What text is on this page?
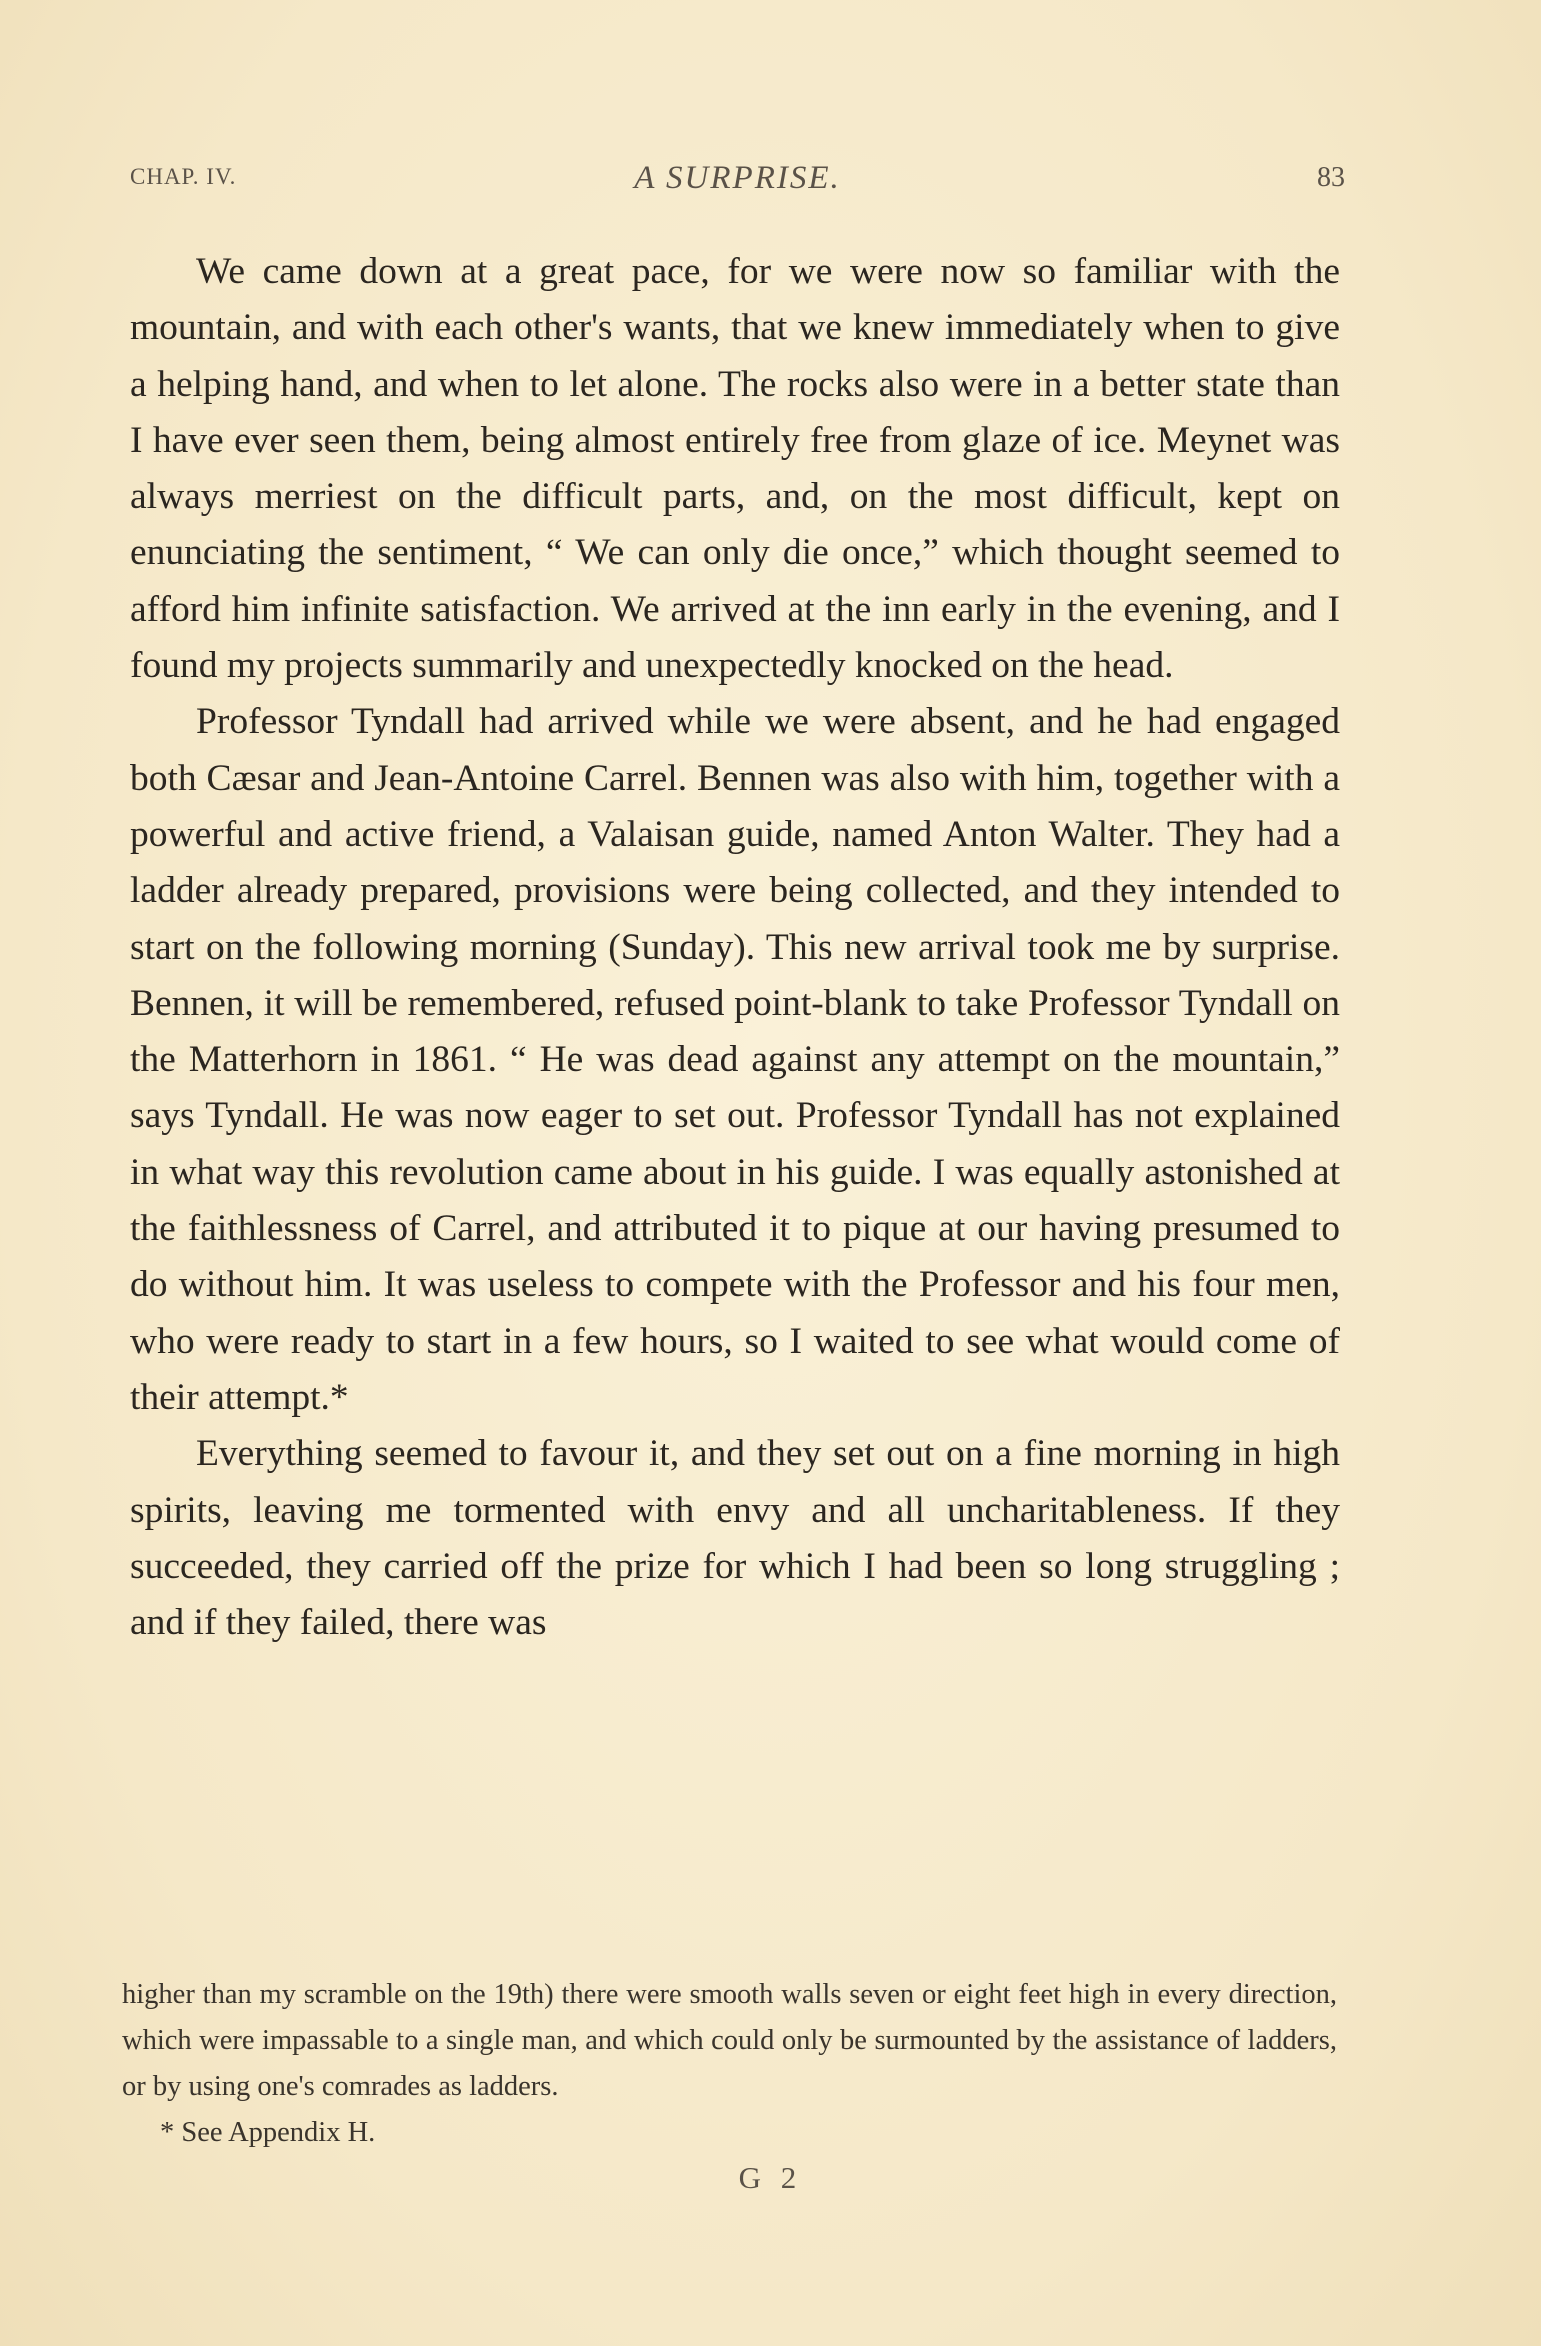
CHAP. IV.	A SURPRISE.	83

We came down at a great pace, for we were now so familiar with the mountain, and with each other's wants, that we knew immediately when to give a helping hand, and when to let alone. The rocks also were in a better state than I have ever seen them, being almost entirely free from glaze of ice. Meynet was always merriest on the difficult parts, and, on the most difficult, kept on enunciating the sentiment, “ We can only die once,” which thought seemed to afford him infinite satisfaction. We arrived at the inn early in the evening, and I found my projects summarily and unexpectedly knocked on the head.

Professor Tyndall had arrived while we were absent, and he had engaged both Cæsar and Jean-Antoine Carrel. Bennen was also with him, together with a powerful and active friend, a Valaisan guide, named Anton Walter. They had a ladder already prepared, provisions were being collected, and they intended to start on the following morning (Sunday). This new arrival took me by surprise. Bennen, it will be remembered, refused point-blank to take Professor Tyndall on the Matterhorn in 1861. “ He was dead against any attempt on the mountain,” says Tyndall. He was now eager to set out. Professor Tyndall has not explained in what way this revolution came about in his guide. I was equally astonished at the faithlessness of Carrel, and attributed it to pique at our having presumed to do without him. It was useless to compete with the Professor and his four men, who were ready to start in a few hours, so I waited to see what would come of their attempt.*

Everything seemed to favour it, and they set out on a fine morning in high spirits, leaving me tormented with envy and all uncharitableness. If they succeeded, they carried off the prize for which I had been so long struggling ; and if they failed, there was

higher than my scramble on the 19th) there were smooth walls seven or eight feet high in every direction, which were impassable to a single man, and which could only be surmounted by the assistance of ladders, or by using one's comrades as ladders.

* See Appendix H.

G 2
